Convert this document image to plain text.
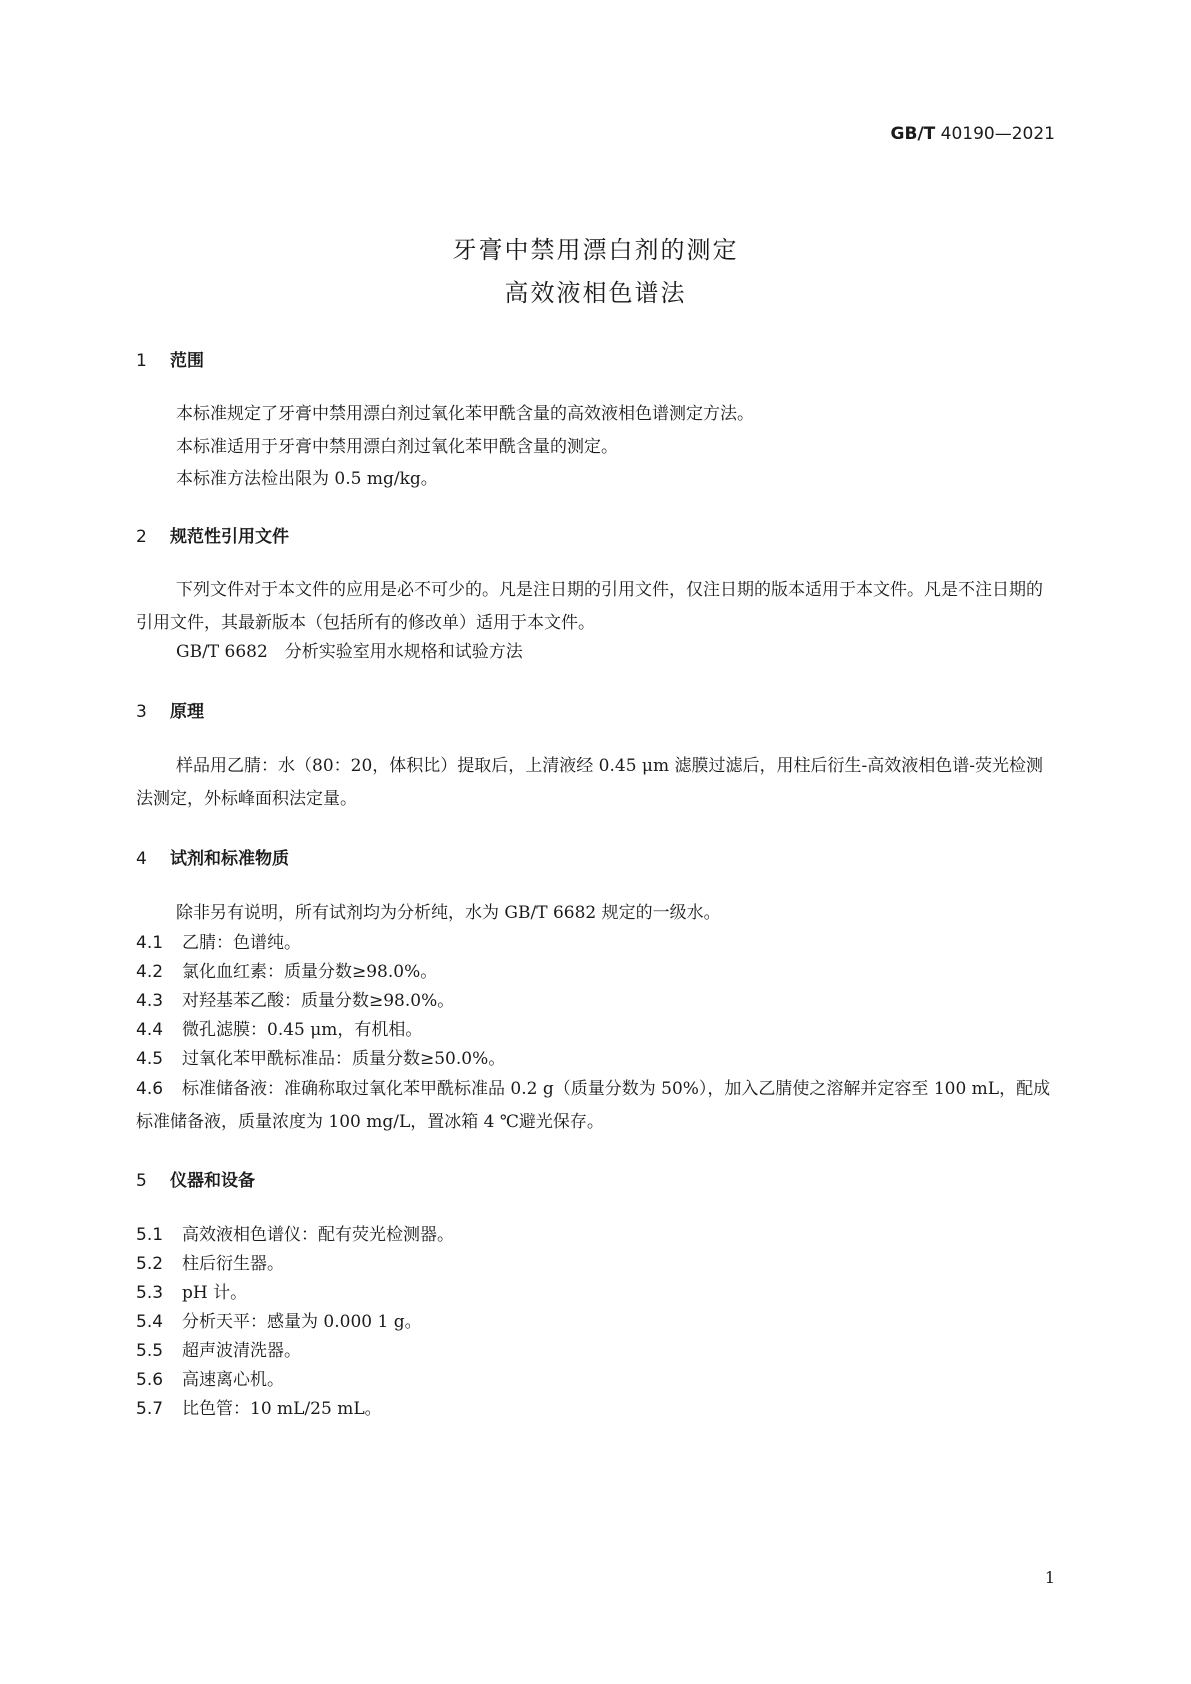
GB/T 40190—2021
牙膏中禁用漂白剂的测定
高效液相色谱法
1 范围
本标准规定了牙膏中禁用漂白剂过氧化苯甲酰含量的高效液相色谱测定方法。
本标准适用于牙膏中禁用漂白剂过氧化苯甲酰含量的测定。
本标准方法检出限为 0.5 mg/kg。
2 规范性引用文件
下列文件对于本文件的应用是必不可少的。凡是注日期的引用文件，仅注日期的版本适用于本文件。凡是不注日期的引用文件，其最新版本（包括所有的修改单）适用于本文件。
GB/T 6682　分析实验室用水规格和试验方法
3 原理
样品用乙腈：水（80：20，体积比）提取后，上清液经 0.45 μm 滤膜过滤后，用柱后衍生-高效液相色谱-荧光检测法测定，外标峰面积法定量。
4 试剂和标准物质
除非另有说明，所有试剂均为分析纯，水为 GB/T 6682 规定的一级水。
4.1 乙腈：色谱纯。
4.2 氯化血红素：质量分数≥98.0%。
4.3 对羟基苯乙酸：质量分数≥98.0%。
4.4 微孔滤膜：0.45 μm，有机相。
4.5 过氧化苯甲酰标准品：质量分数≥50.0%。
4.6 标准储备液：准确称取过氧化苯甲酰标准品 0.2 g（质量分数为 50%），加入乙腈使之溶解并定容至 100 mL，配成标准储备液，质量浓度为 100 mg/L，置冰箱 4 ℃避光保存。
5 仪器和设备
5.1 高效液相色谱仪：配有荧光检测器。
5.2 柱后衍生器。
5.3 pH 计。
5.4 分析天平：感量为 0.000 1 g。
5.5 超声波清洗器。
5.6 高速离心机。
5.7 比色管：10 mL/25 mL。
1
